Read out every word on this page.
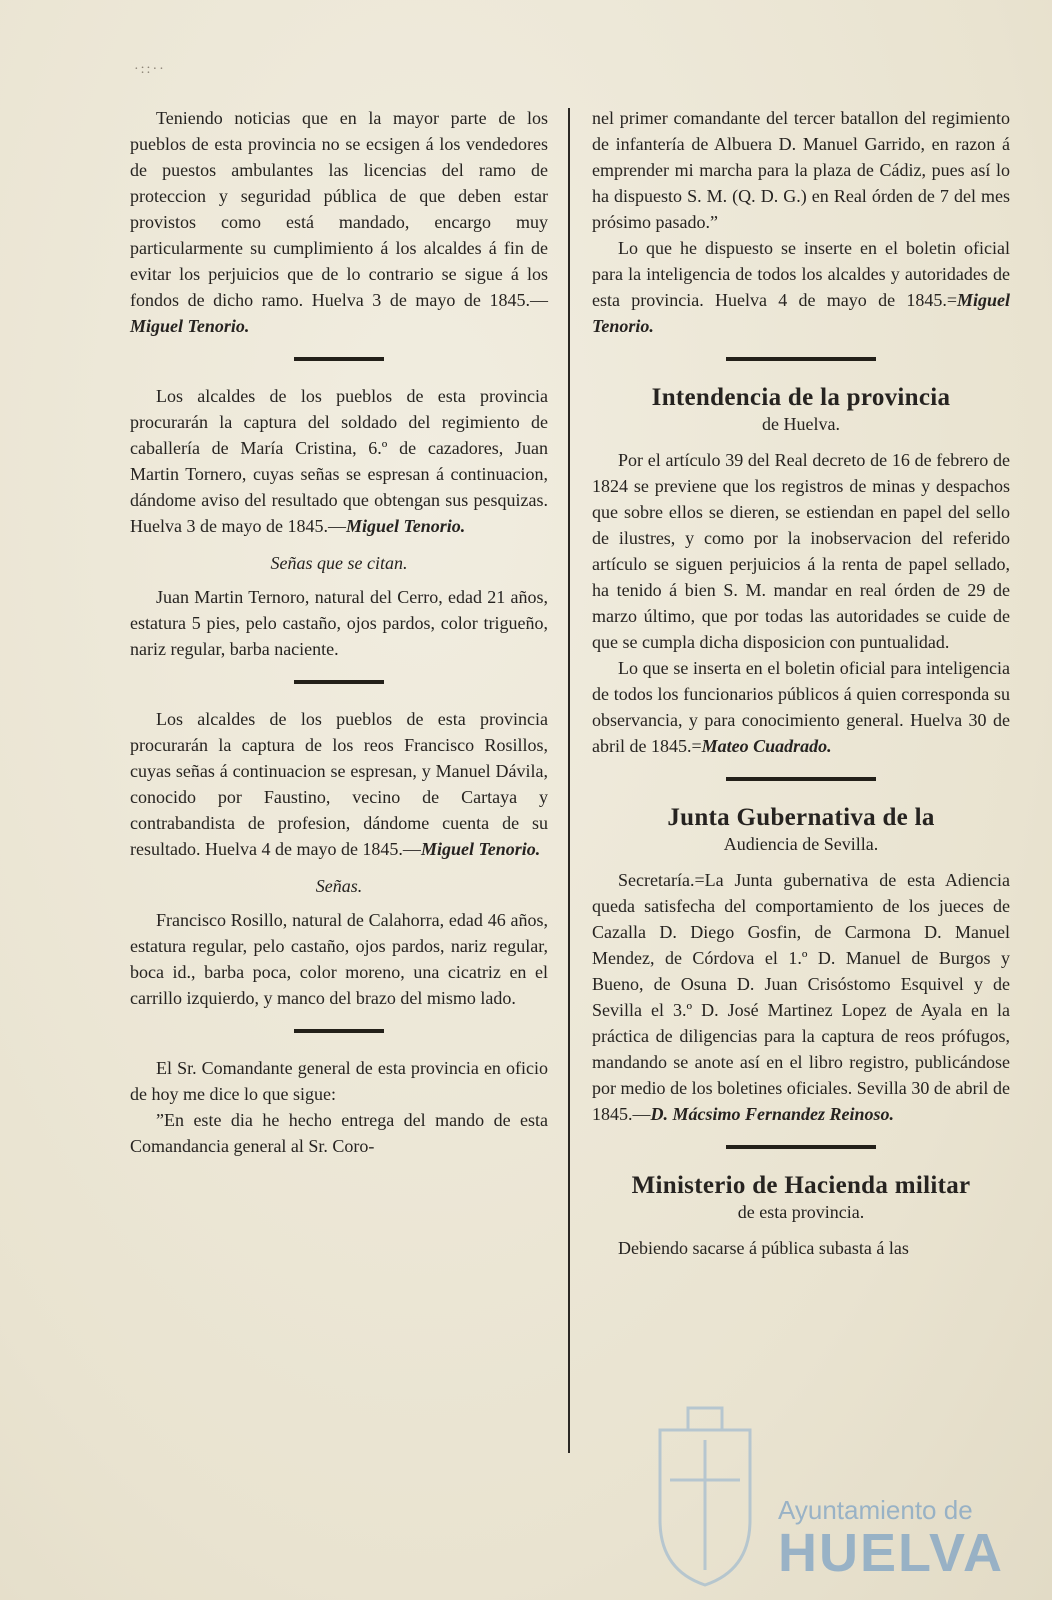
·::··

Teniendo noticias que en la mayor parte de los pueblos de esta provincia no se ecsigen á los vendedores de puestos ambulantes las licencias del ramo de proteccion y seguridad pública de que deben estar provistos como está mandado, encargo muy particularmente su cumplimiento á los alcaldes á fin de evitar los perjuicios que de lo contrario se sigue á los fondos de dicho ramo. Huelva 3 de mayo de 1845.—Miguel Tenorio.

Los alcaldes de los pueblos de esta provincia procurarán la captura del soldado del regimiento de caballería de María Cristina, 6.º de cazadores, Juan Martin Tornero, cuyas señas se espresan á continuacion, dándome aviso del resultado que obtengan sus pesquizas. Huelva 3 de mayo de 1845.—Miguel Tenorio.

Señas que se citan.

Juan Martin Ternoro, natural del Cerro, edad 21 años, estatura 5 pies, pelo castaño, ojos pardos, color trigueño, nariz regular, barba naciente.

Los alcaldes de los pueblos de esta provincia procurarán la captura de los reos Francisco Rosillos, cuyas señas á continuacion se espresan, y Manuel Dávila, conocido por Faustino, vecino de Cartaya y contrabandista de profesion, dándome cuenta de su resultado. Huelva 4 de mayo de 1845.—Miguel Tenorio.

Señas.

Francisco Rosillo, natural de Calahorra, edad 46 años, estatura regular, pelo castaño, ojos pardos, nariz regular, boca id., barba poca, color moreno, una cicatriz en el carrillo izquierdo, y manco del brazo del mismo lado.

El Sr. Comandante general de esta provincia en oficio de hoy me dice lo que sigue:

”En este dia he hecho entrega del mando de esta Comandancia general al Sr. Coro-

nel primer comandante del tercer batallon del regimiento de infantería de Albuera D. Manuel Garrido, en razon á emprender mi marcha para la plaza de Cádiz, pues así lo ha dispuesto S. M. (Q. D. G.) en Real órden de 7 del mes prósimo pasado.”

Lo que he dispuesto se inserte en el boletin oficial para la inteligencia de todos los alcaldes y autoridades de esta provincia. Huelva 4 de mayo de 1845.=Miguel Tenorio.

Intendencia de la provincia
de Huelva.

Por el artículo 39 del Real decreto de 16 de febrero de 1824 se previene que los registros de minas y despachos que sobre ellos se dieren, se estiendan en papel del sello de ilustres, y como por la inobservacion del referido artículo se siguen perjuicios á la renta de papel sellado, ha tenido á bien S. M. mandar en real órden de 29 de marzo último, que por todas las autoridades se cuide de que se cumpla dicha disposicion con puntualidad.

Lo que se inserta en el boletin oficial para inteligencia de todos los funcionarios públicos á quien corresponda su observancia, y para conocimiento general. Huelva 30 de abril de 1845.=Mateo Cuadrado.

Junta Gubernativa de la
Audiencia de Sevilla.

Secretaría.=La Junta gubernativa de esta Adiencia queda satisfecha del comportamiento de los jueces de Cazalla D. Diego Gosfin, de Carmona D. Manuel Mendez, de Córdova el 1.º D. Manuel de Burgos y Bueno, de Osuna D. Juan Crisóstomo Esquivel y de Sevilla el 3.º D. José Martinez Lopez de Ayala en la práctica de diligencias para la captura de reos prófugos, mandando se anote así en el libro registro, publicándose por medio de los boletines oficiales. Sevilla 30 de abril de 1845.—D. Mácsimo Fernandez Reinoso.

Ministerio de Hacienda militar
de esta provincia.

Debiendo sacarse á pública subasta á las

Ayuntamiento de
HUELVA
